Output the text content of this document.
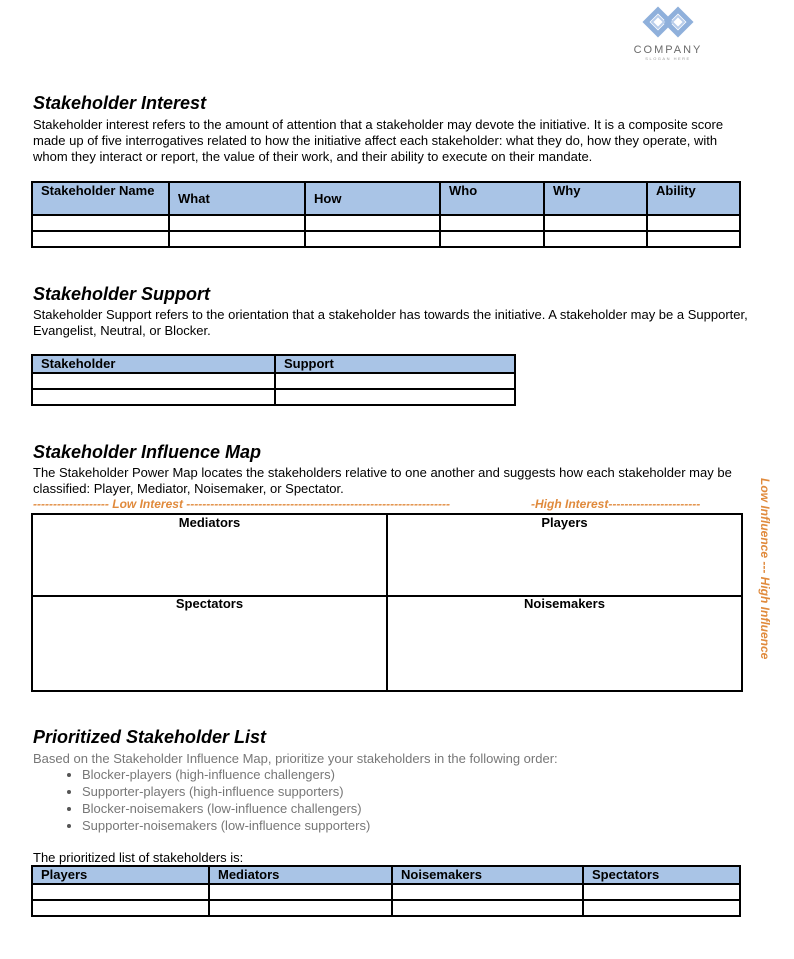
COMPANY
SLOGAN HERE
Stakeholder Interest
Stakeholder interest refers to the amount of attention that a stakeholder may devote the initiative. It is a composite score made up of five interrogatives related to how the initiative affect each stakeholder: what they do, how they operate, with whom they interact or report, the value of their work, and their ability to execute on their mandate.
Stakeholder Name	What	How	Who	Why	Ability

Stakeholder Support
Stakeholder Support refers to the orientation that a stakeholder has towards the initiative. A stakeholder may be a Supporter, Evangelist, Neutral, or Blocker.
Stakeholder	Support

Stakeholder Influence Map
The Stakeholder Power Map locates the stakeholders relative to one another and suggests how each stakeholder may be classified: Player, Mediator, Noisemaker, or Spectator.
------------------- Low Interest ------------------------------------------------------------------	-High Interest-----------------------
Mediators	Players
Spectators	Noisemakers	Low Influence --- High Influence
Prioritized Stakeholder List
Based on the Stakeholder Influence Map, prioritize your stakeholders in the following order:
• Blocker-players (high-influence challengers)
• Supporter-players (high-influence supporters)
• Blocker-noisemakers (low-influence challengers)
• Supporter-noisemakers (low-influence supporters)
The prioritized list of stakeholders is:
Players	Mediators	Noisemakers	Spectators
